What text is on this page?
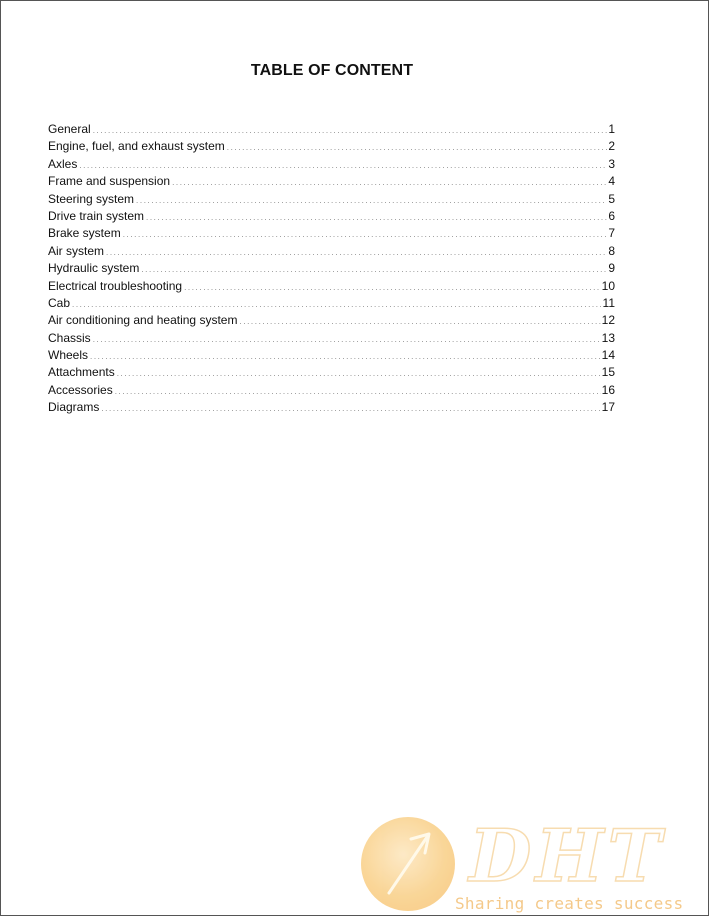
TABLE OF CONTENT
General .....	1
Engine, fuel, and exhaust system .....	2
Axles .....	3
Frame and suspension .....	4
Steering system .....	5
Drive train system .....	6
Brake system .....	7
Air system .....	8
Hydraulic system .....	9
Electrical troubleshooting .....	10
Cab .....	11
Air conditioning and heating system .....	12
Chassis .....	13
Wheels .....	14
Attachments .....	15
Accessories .....	16
Diagrams .....	17
DHT
Sharing creates success
